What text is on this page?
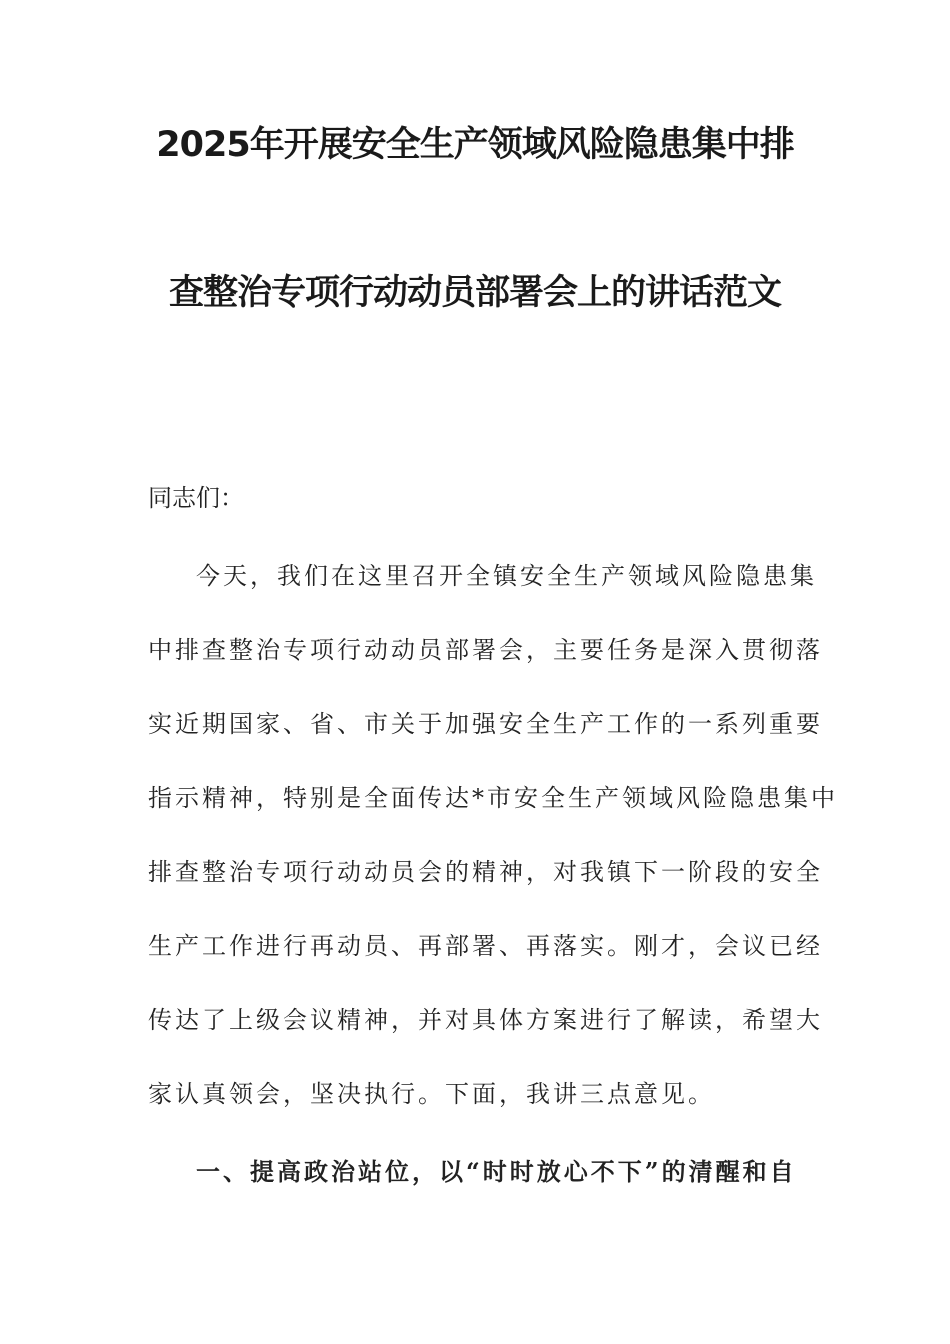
2025年开展安全生产领域风险隐患集中排
查整治专项行动动员部署会上的讲话范文
同志们：
今天，我们在这里召开全镇安全生产领域风险隐患集
中排查整治专项行动动员部署会，主要任务是深入贯彻落
实近期国家、省、市关于加强安全生产工作的一系列重要
指示精神，特别是全面传达*市安全生产领域风险隐患集中
排查整治专项行动动员会的精神，对我镇下一阶段的安全
生产工作进行再动员、再部署、再落实。刚才，会议已经
传达了上级会议精神，并对具体方案进行了解读，希望大
家认真领会，坚决执行。下面，我讲三点意见。
一、提高政治站位，以“时时放心不下”的清醒和自
